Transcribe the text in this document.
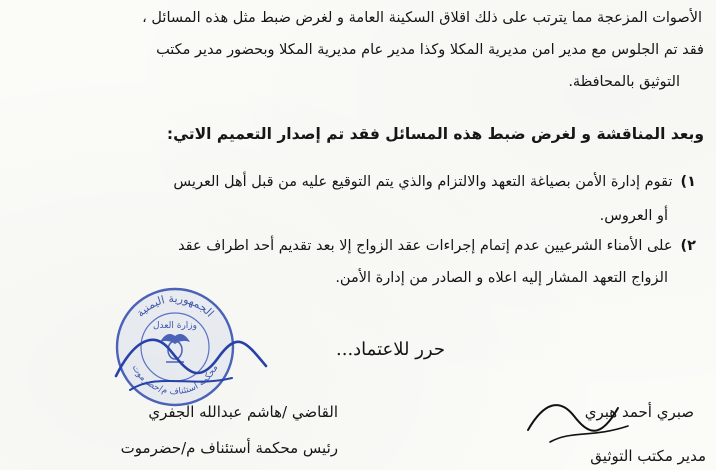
الأصوات المزعجة مما يترتب على ذلك اقلاق السكينة العامة و لغرض ضبط مثل هذه المسائل ،
فقد تم الجلوس مع مدير امن مديرية المكلا وكذا مدير عام مديرية المكلا وبحضور مدير مكتب
التوثيق بالمحافظة.
وبعد المناقشة و لغرض ضبط هذه المسائل فقد تم إصدار التعميم الاتي:
١)تقوم إدارة الأمن بصياغة التعهد والالتزام والذي يتم التوقيع عليه من قبل أهل العريس
أو العروس.
٢)على الأمناء الشرعيين عدم إتمام إجراءات عقد الزواج إلا بعد تقديم أحد اطراف عقد
الزواج التعهد المشار إليه اعلاه و الصادر من إدارة الأمن.
الجمهورية اليمنية
محكمة استئناف م/حضرموت
وزارة العدل
حرر للاعتماد...
القاضي /هاشم عبدالله الجفري
رئيس محكمة أستئناف م/حضرموت
صبري أحمد هبري
مدير مكتب التوثيق
